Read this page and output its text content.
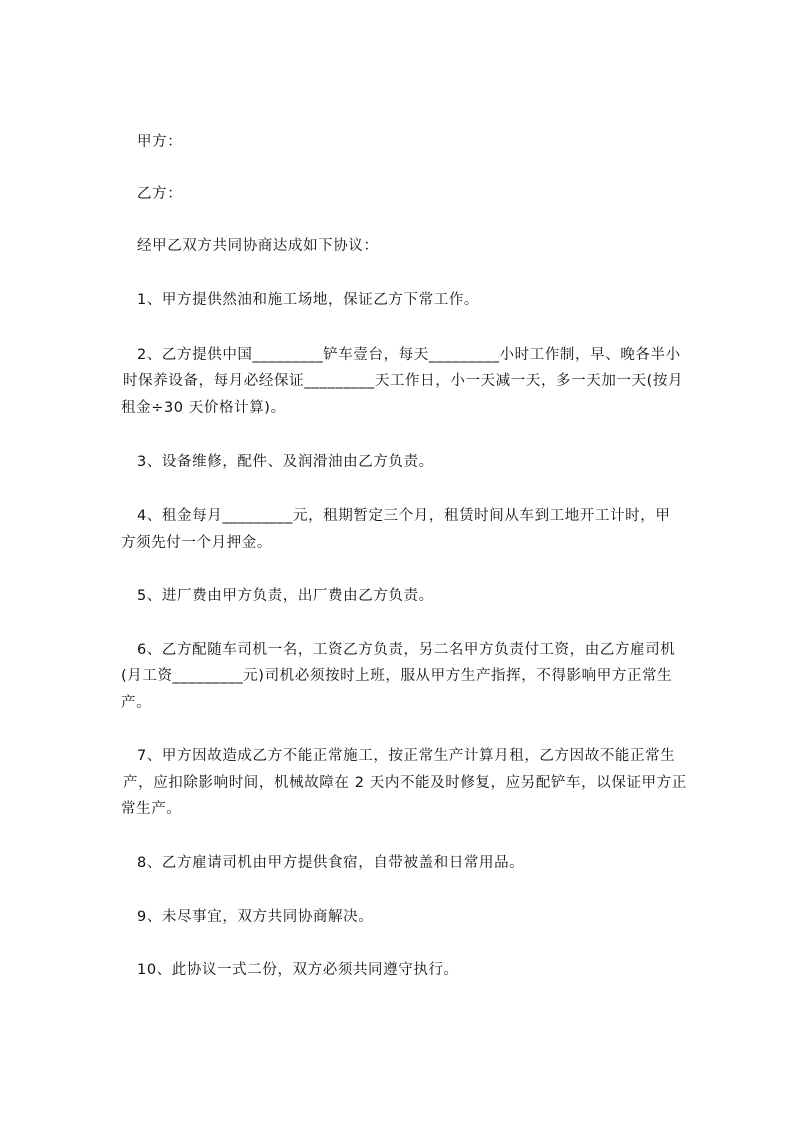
甲方：
乙方：
经甲乙双方共同协商达成如下协议：
1、甲方提供然油和施工场地，保证乙方下常工作。
2、乙方提供中国_________铲车壹台，每天_________小时工作制，早、晚各半小
时保养设备，每月必经保证_________天工作日，小一天减一天，多一天加一天(按月
租金÷30 天价格计算)。
3、设备维修，配件、及润滑油由乙方负责。
4、租金每月_________元，租期暂定三个月，租赁时间从车到工地开工计时，甲
方须先付一个月押金。
5、进厂费由甲方负责，出厂费由乙方负责。
6、乙方配随车司机一名，工资乙方负责，另二名甲方负责付工资，由乙方雇司机
(月工资_________元)司机必须按时上班，服从甲方生产指挥，不得影响甲方正常生
产。
7、甲方因故造成乙方不能正常施工，按正常生产计算月租，乙方因故不能正常生
产，应扣除影响时间，机械故障在 2 天内不能及时修复，应另配铲车，以保证甲方正
常生产。
8、乙方雇请司机由甲方提供食宿，自带被盖和日常用品。
9、未尽事宜，双方共同协商解决。
10、此协议一式二份，双方必须共同遵守执行。
